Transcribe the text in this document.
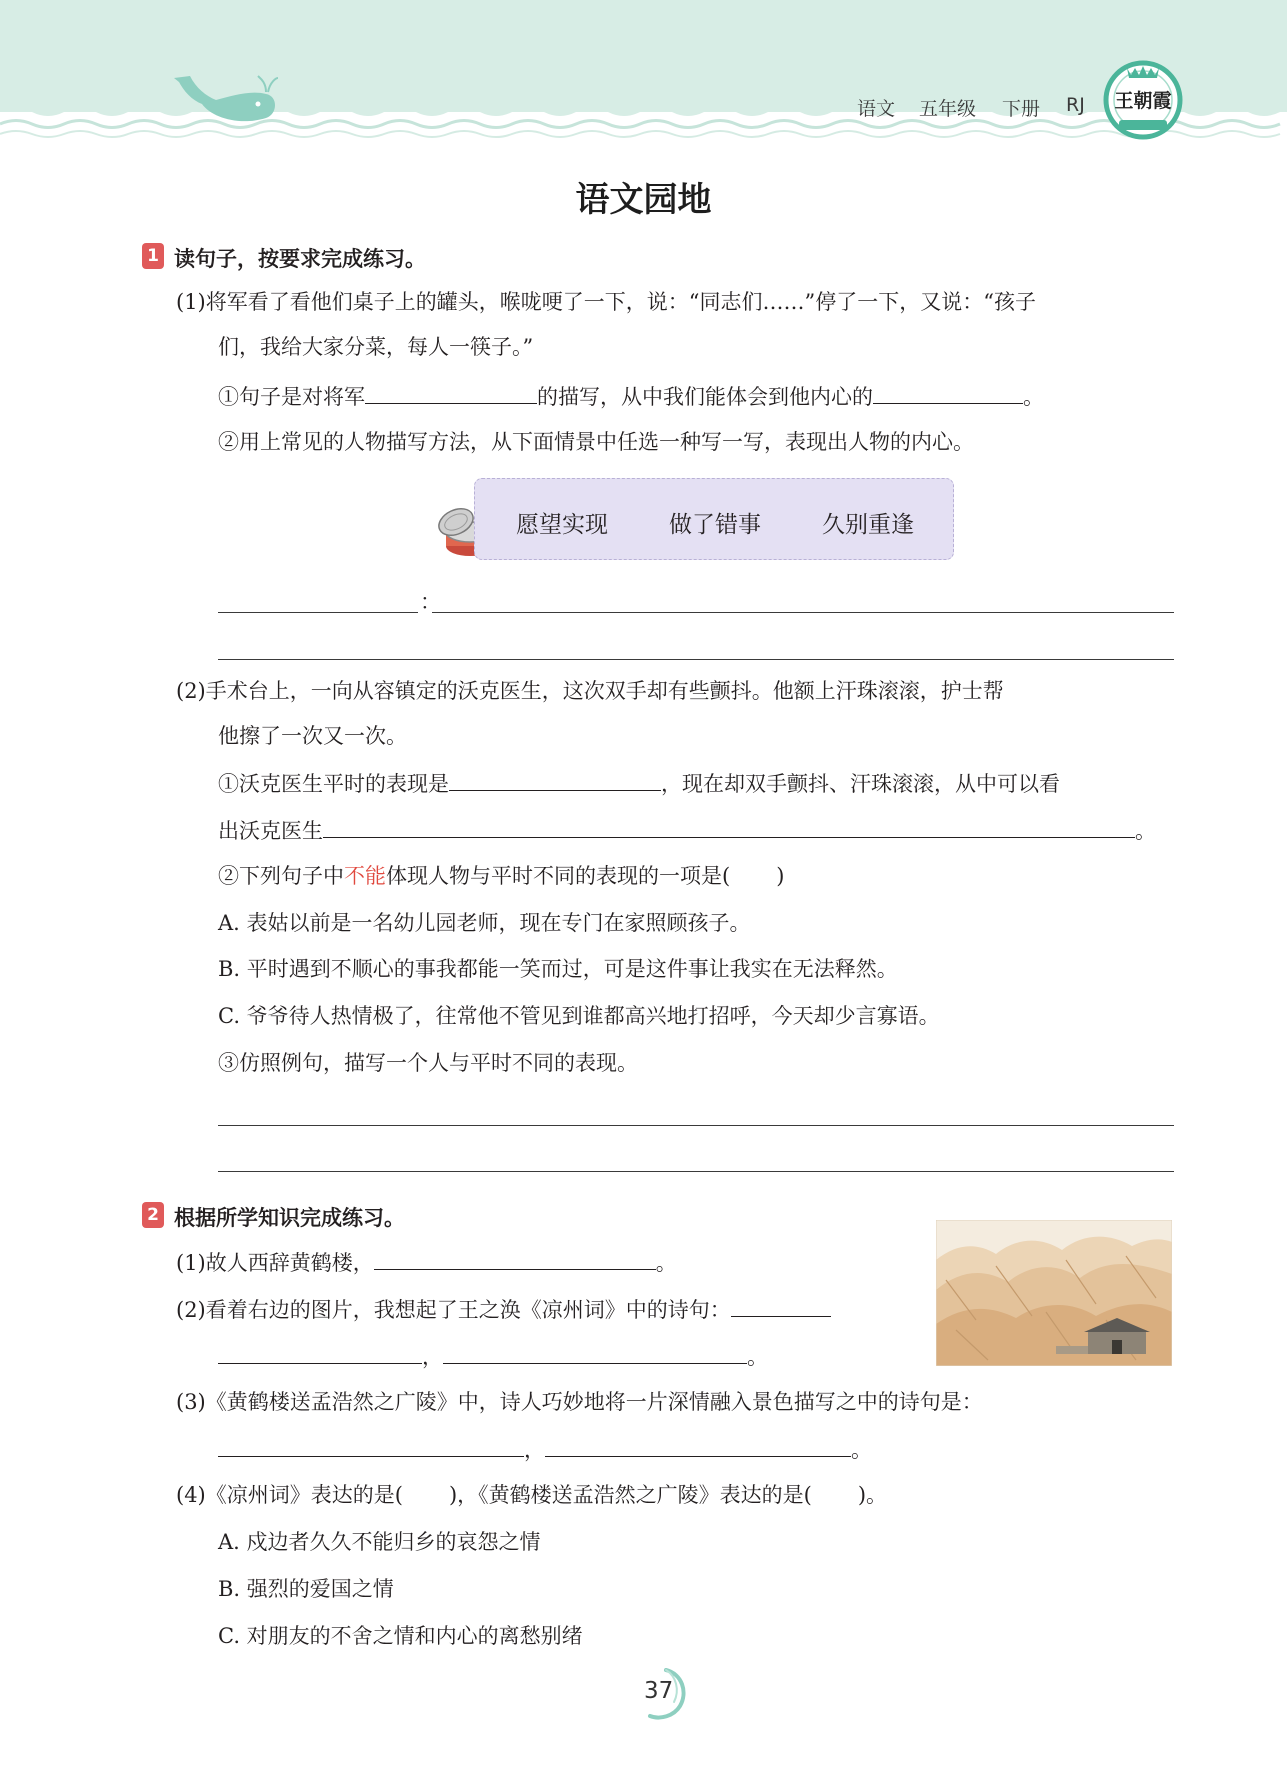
语文 五年级 下册 RJ	王朝霞
语文园地
1 读句子，按要求完成练习。
(1)将军看了看他们桌子上的罐头，喉咙哽了一下，说：“同志们……”停了一下，又说：“孩子
们，我给大家分菜，每人一筷子。”
①句子是对将军	的描写，从中我们能体会到他内心的	。
②用上常见的人物描写方法，从下面情景中任选一种写一写，表现出人物的内心。
愿望实现	做了错事	久别重逢
：
(2)手术台上，一向从容镇定的沃克医生，这次双手却有些颤抖。他额上汗珠滚滚，护士帮
他擦了一次又一次。
①沃克医生平时的表现是	，现在却双手颤抖、汗珠滚滚，从中可以看
出沃克医生	。
②下列句子中不能体现人物与平时不同的表现的一项是( )
A. 表姑以前是一名幼儿园老师，现在专门在家照顾孩子。
B. 平时遇到不顺心的事我都能一笑而过，可是这件事让我实在无法释然。
C. 爷爷待人热情极了，往常他不管见到谁都高兴地打招呼，今天却少言寡语。
③仿照例句，描写一个人与平时不同的表现。
2 根据所学知识完成练习。
(1)故人西辞黄鹤楼，	。
(2)看着右边的图片，我想起了王之涣《凉州词》中的诗句：
，	。
(3)《黄鹤楼送孟浩然之广陵》中，诗人巧妙地将一片深情融入景色描写之中的诗句是：
，	。
(4)《凉州词》表达的是( )，《黄鹤楼送孟浩然之广陵》表达的是( )。
A. 戍边者久久不能归乡的哀怨之情
B. 强烈的爱国之情
C. 对朋友的不舍之情和内心的离愁别绪
37
